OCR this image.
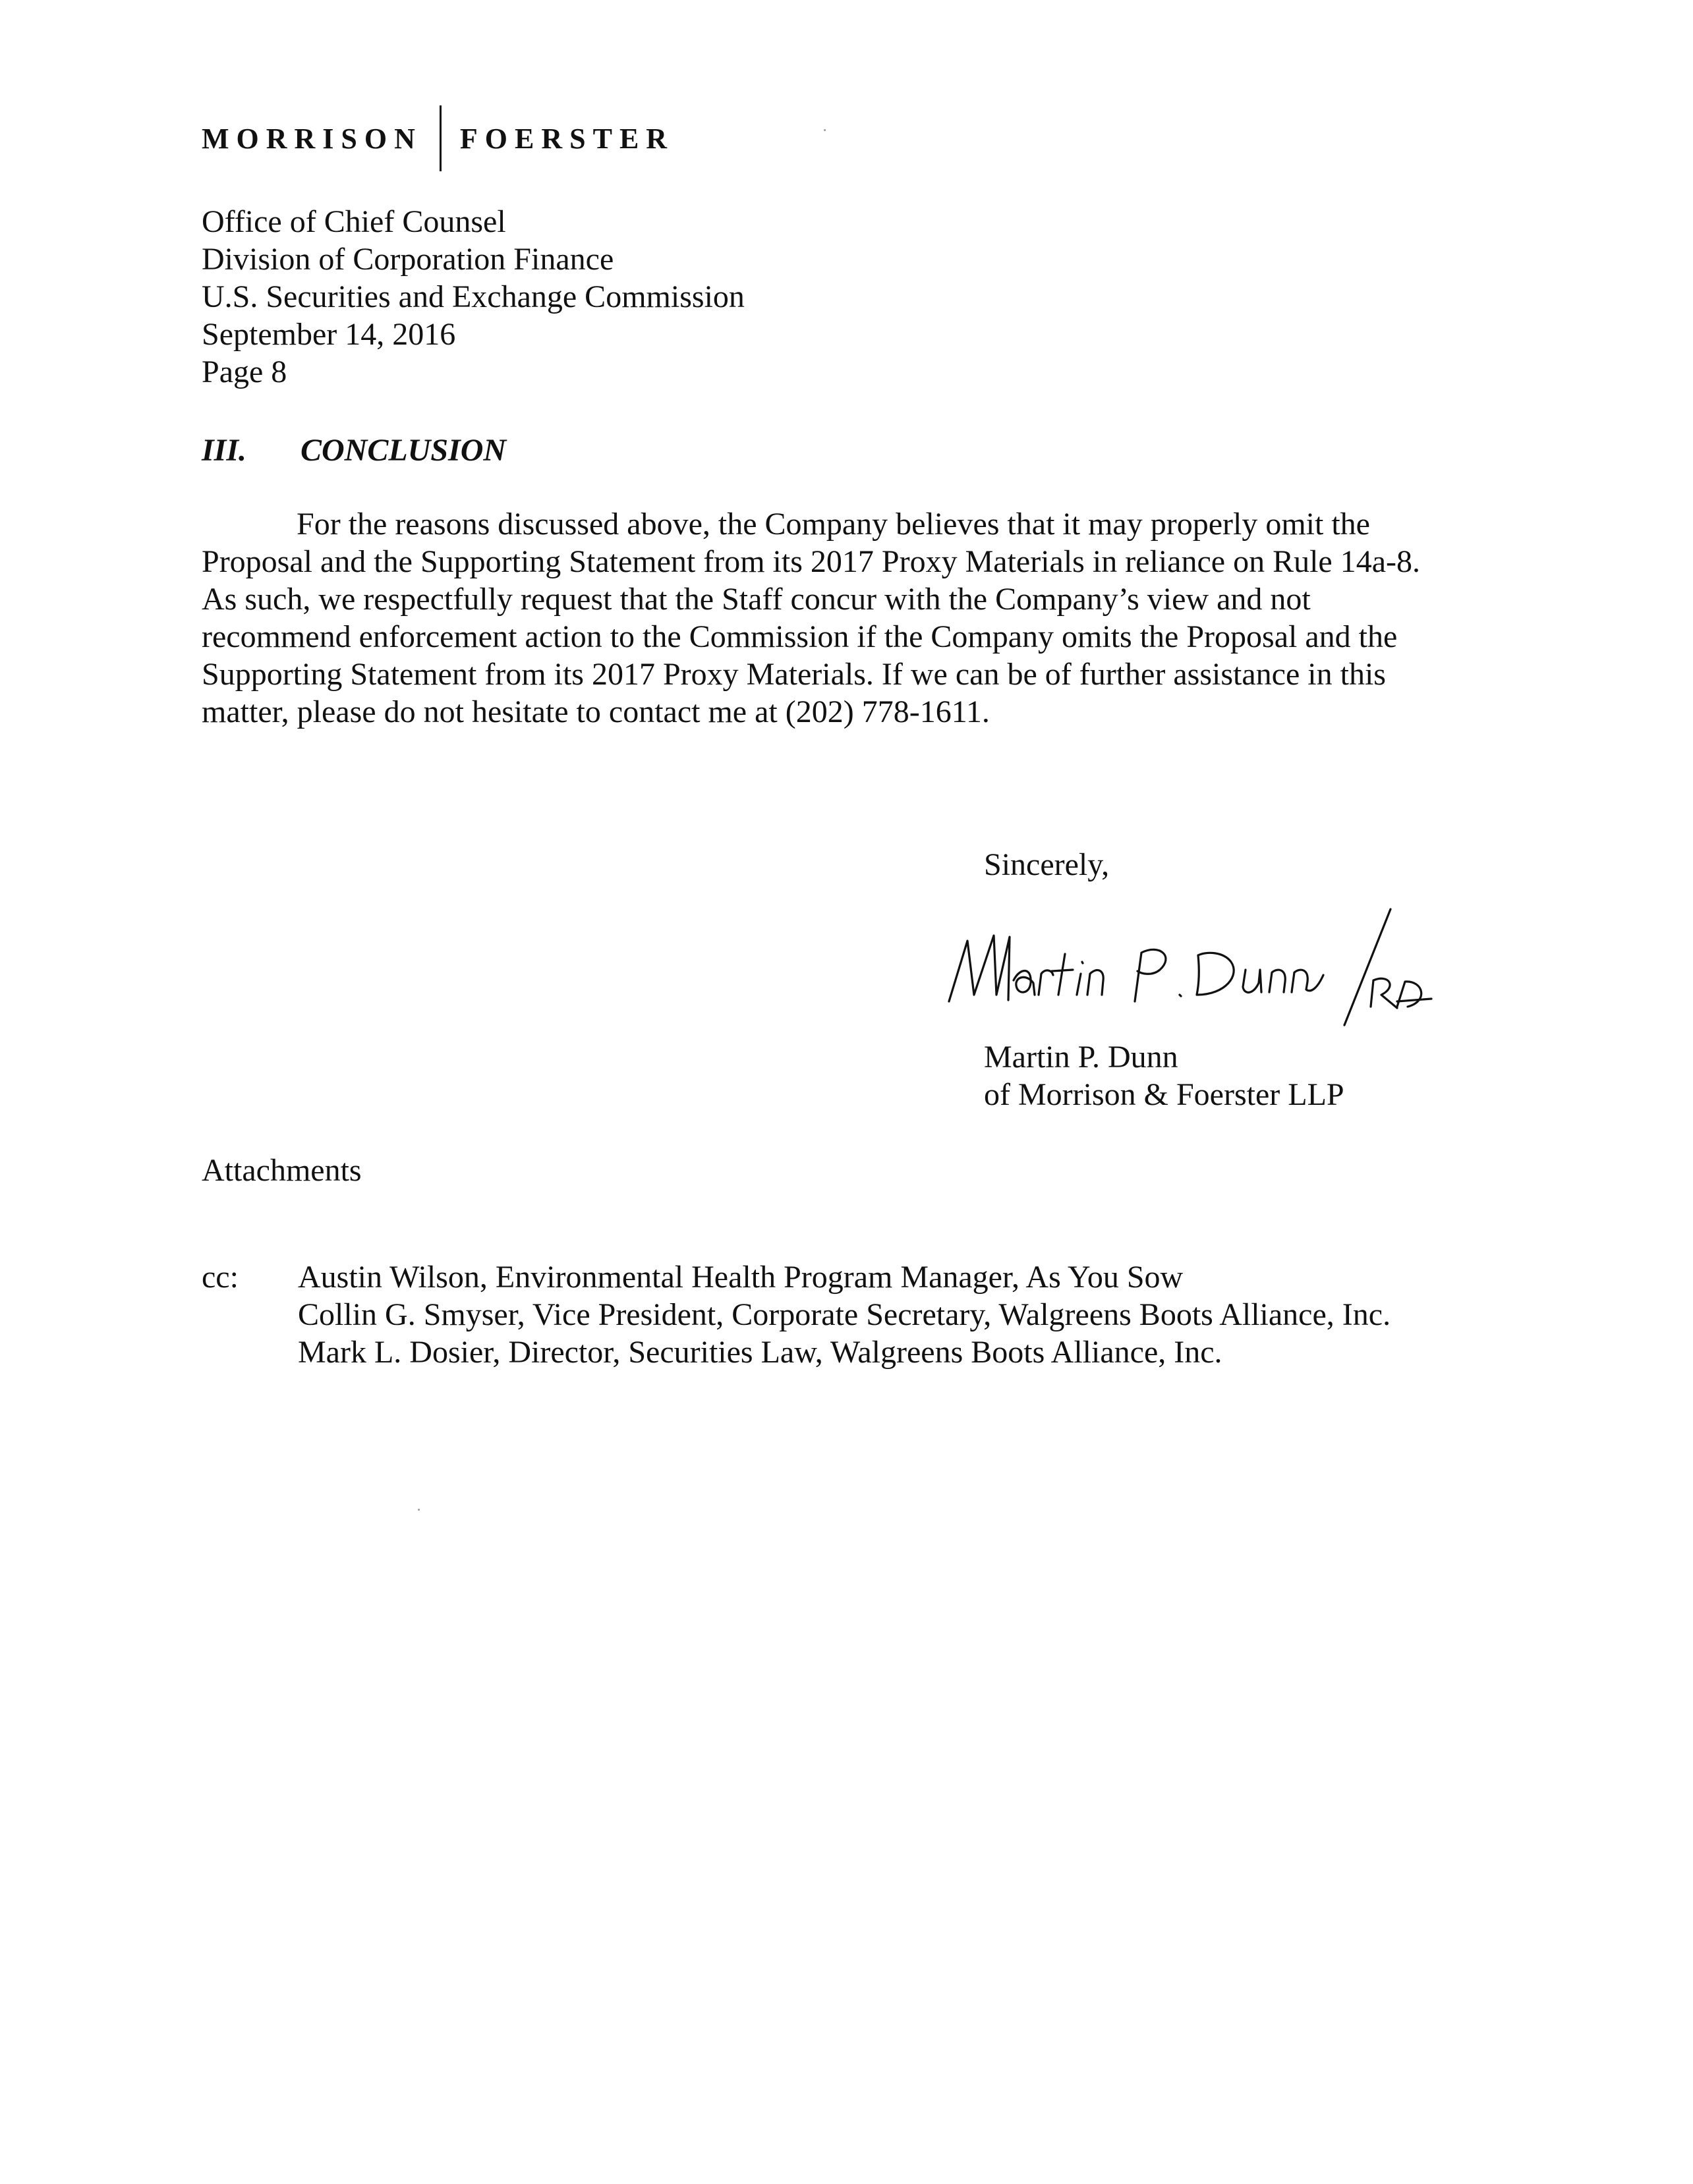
MORRISON FOERSTER
Office of Chief Counsel
Division of Corporation Finance
U.S. Securities and Exchange Commission
September 14, 2016
Page 8
III. CONCLUSION
For the reasons discussed above, the Company believes that it may properly omit the
Proposal and the Supporting Statement from its 2017 Proxy Materials in reliance on Rule 14a-8.
As such, we respectfully request that the Staff concur with the Company’s view and not
recommend enforcement action to the Commission if the Company omits the Proposal and the
Supporting Statement from its 2017 Proxy Materials. If we can be of further assistance in this
matter, please do not hesitate to contact me at (202) 778-1611.
Sincerely,
Martin P. Dunn /RD
Martin P. Dunn
of Morrison & Foerster LLP
Attachments
cc: Austin Wilson, Environmental Health Program Manager, As You Sow
Collin G. Smyser, Vice President, Corporate Secretary, Walgreens Boots Alliance, Inc.
Mark L. Dosier, Director, Securities Law, Walgreens Boots Alliance, Inc.
